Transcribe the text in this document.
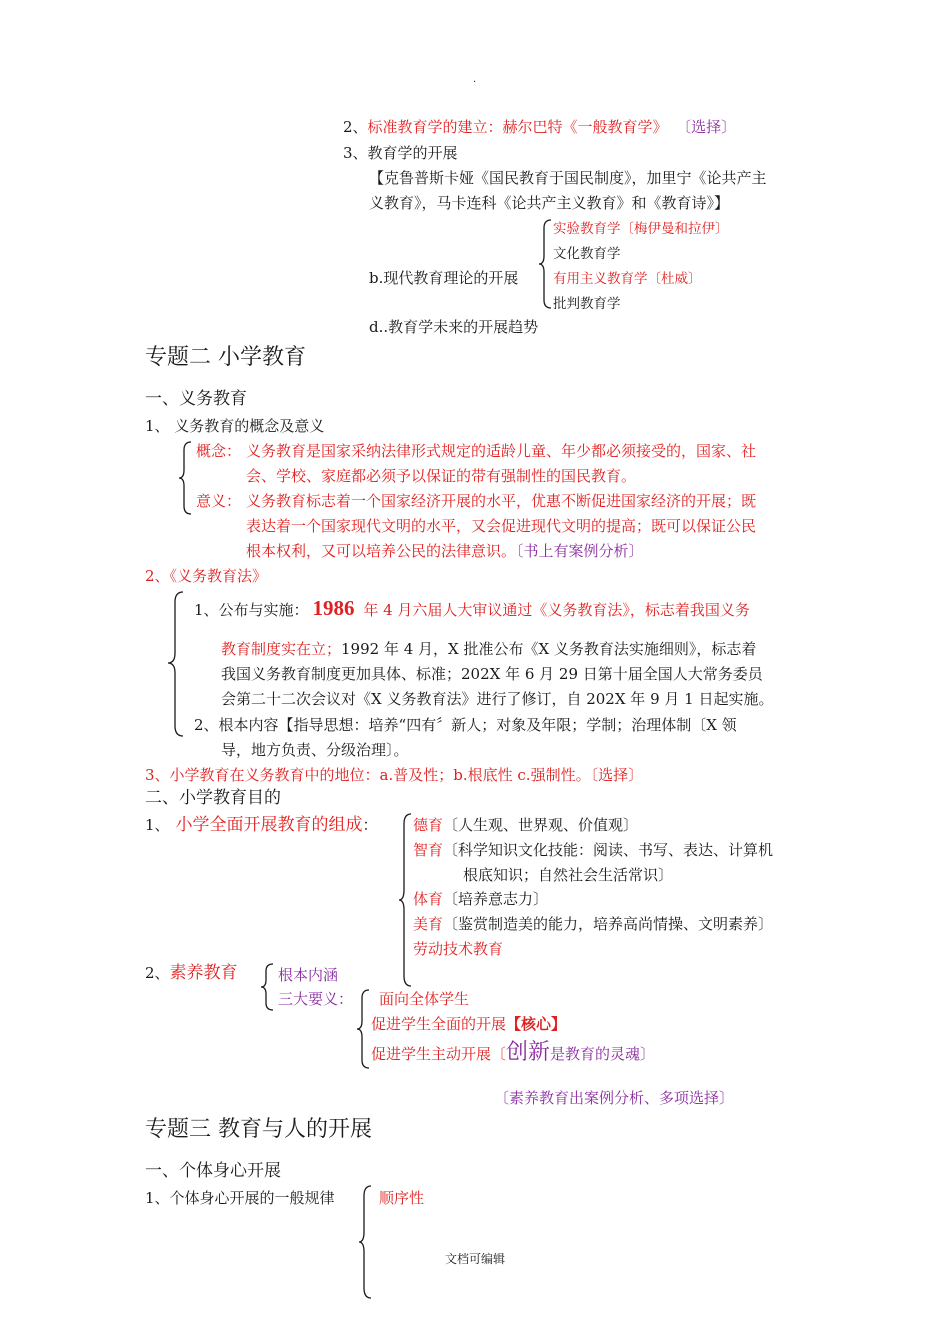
.
2、标准教育学的建立：赫尔巴特《一般教育学》 〔选择〕
3、教育学的开展
【克鲁普斯卡娅《国民教育于国民制度》，加里宁《论共产主
义教育》，马卡连科《论共产主义教育》和《教育诗》】
b.现代教育理论的开展
实验教育学〔梅伊曼和拉伊〕
文化教育学
有用主义教育学〔杜威〕
批判教育学
d..教育学未来的开展趋势
专题二 小学教育
一、义务教育
1、 义务教育的概念及意义
概念： 义务教育是国家采纳法律形式规定的适龄儿童、年少都必须接受的，国家、社
会、学校、家庭都必须予以保证的带有强制性的国民教育。
意义： 义务教育标志着一个国家经济开展的水平，优惠不断促进国家经济的开展；既
表达着一个国家现代文明的水平，又会促进现代文明的提高；既可以保证公民
根本权利，又可以培养公民的法律意识。〔书上有案例分析〕
2、《义务教育法》
1、公布与实施： 1986 年 4 月六届人大审议通过《义务教育法》，标志着我国义务
教育制度实在立；1992 年 4 月，X 批准公布《X 义务教育法实施细则》，标志着
我国义务教育制度更加具体、标准；202X 年 6 月 29 日第十届全国人大常务委员
会第二十二次会议对《X 义务教育法》进行了修订，自 202X 年 9 月 1 日起实施。
2、根本内容【指导思想：培养“四有〞新人；对象及年限；学制；治理体制〔X 领
导，地方负责、分级治理〕。
3、小学教育在义务教育中的地位：a.普及性；b.根底性 c.强制性。〔选择〕
二、小学教育目的
1、 小学全面开展教育的组成： 德育〔人生观、世界观、价值观〕
智育〔科学知识文化技能：阅读、书写、表达、计算机
根底知识；自然社会生活常识〕
体育〔培养意志力〕
美育〔鉴赏制造美的能力，培养高尚情操、文明素养〕
劳动技术教育
2、素养教育	根本内涵
三大要义： 面向全体学生
促进学生全面的开展【核心】
促进学生主动开展〔创新是教育的灵魂〕
〔素养教育出案例分析、多项选择〕
专题三 教育与人的开展
一、个体身心开展
1、个体身心开展的一般规律	顺序性
文档可编辑
